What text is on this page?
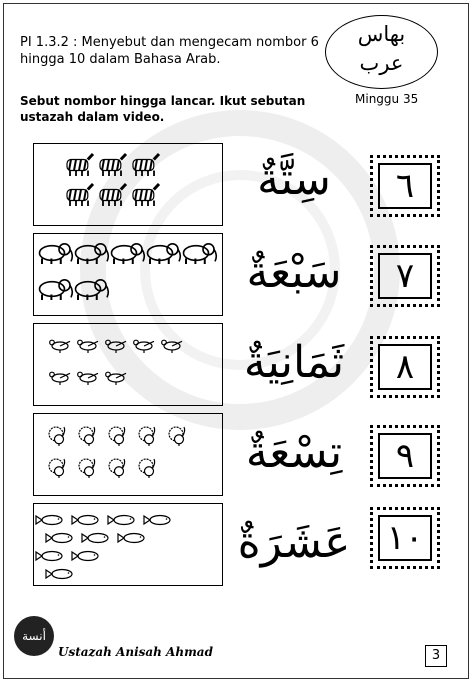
PI 1.3.2 : Menyebut dan mengecam nombor 6 hingga 10 dalam Bahasa Arab.
Sebut nombor hingga lancar. Ikut sebutan ustazah dalam video.
بهاس
عرب
Minggu 35
سِتَّةٌ	٦
سَبْعَةٌ	٧
ثَمَانِيَةٌ	٨
تِسْعَةٌ	٩
عَشَرَةٌ ١٠
أنسة
Ustazah Anisah Ahmad	3
